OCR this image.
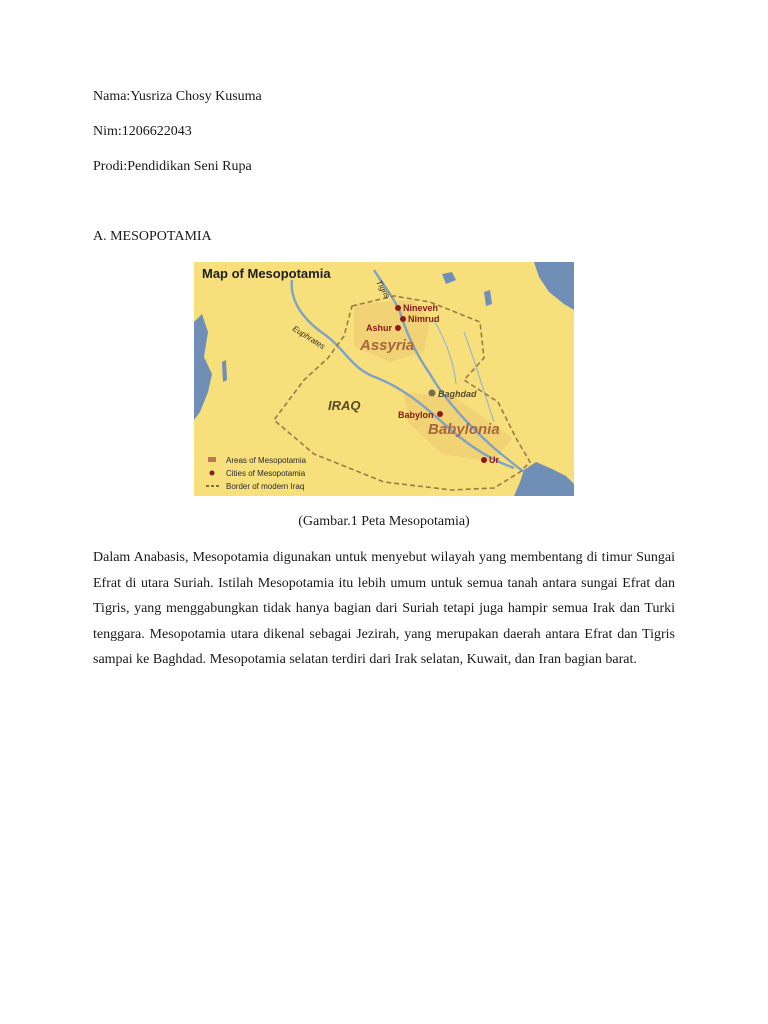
Nama:Yusriza Chosy Kusuma
Nim:1206622043
Prodi:Pendidikan Seni Rupa
A. MESOPOTAMIA
Map of Mesopotamia
Tigris
Euphrates
Nineveh
Nimrud
Ashur
Baghdad
Babylon
Ur
Assyria
Babylonia
IRAQ
Areas of Mesopotamia
Cities of Mesopotamia
Border of modern Iraq
(Gambar.1 Peta Mesopotamia)
Dalam Anabasis, Mesopotamia digunakan untuk menyebut wilayah yang membentang di timur Sungai Efrat di utara Suriah. Istilah Mesopotamia itu lebih umum untuk semua tanah antara sungai Efrat dan Tigris, yang menggabungkan tidak hanya bagian dari Suriah tetapi juga hampir semua Irak dan Turki tenggara. Mesopotamia utara dikenal sebagai Jezirah, yang merupakan daerah antara Efrat dan Tigris sampai ke Baghdad. Mesopotamia selatan terdiri dari Irak selatan, Kuwait, dan Iran bagian barat.
